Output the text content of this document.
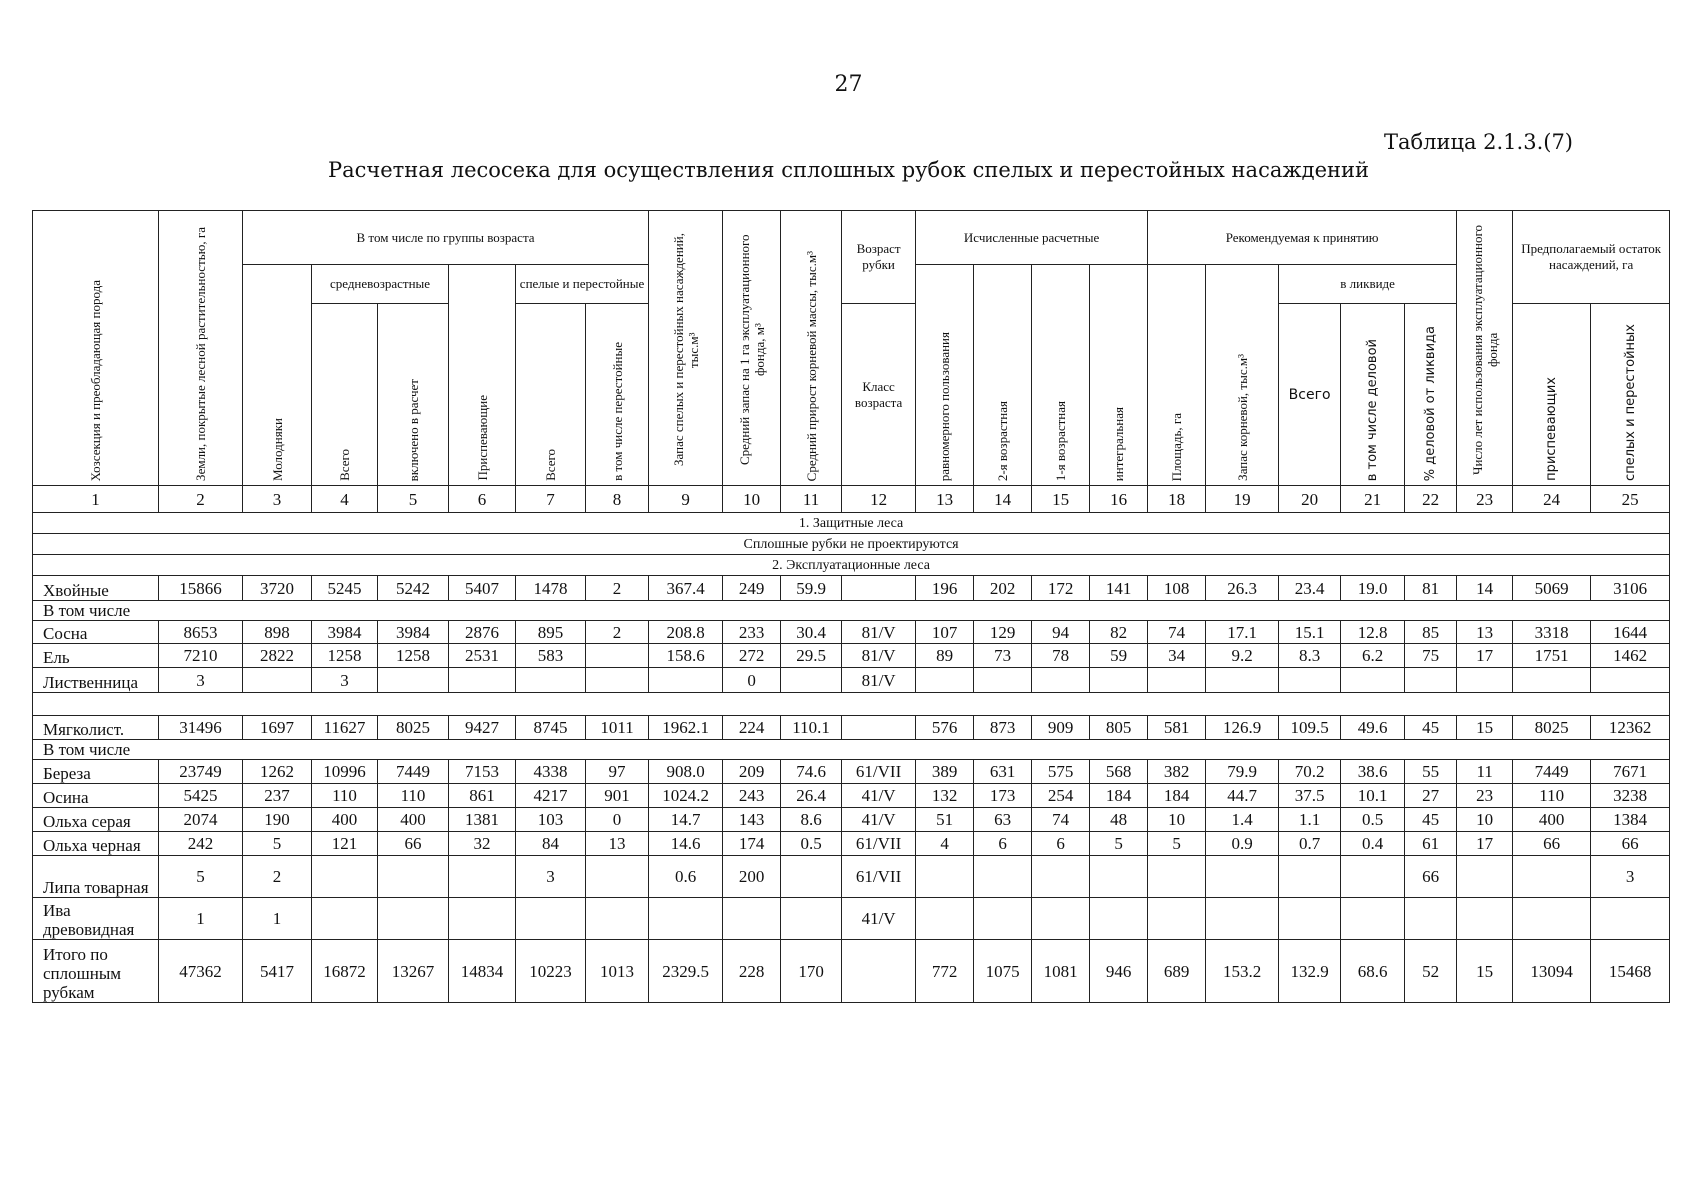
27
Таблица 2.1.3.(7)
Расчетная лесосека для осуществления сплошных рубок спелых и перестойных насаждений
Хозсекция и преобладающая порода	Земли, покрытые лесной растительностью, га	В том числе по группы возраста						Запас спелых и перестойных насаждений, тыс.м³	Средний запас на 1 га эксплуатационного фонда, м³	Средний прирост корневой массы, тыс.м³	Возраст рубки	Исчисленные расчетные				Рекомендуемая к принятию					Число лет использования эксплуатационного фонда	Предполагаемый остаток насаждений, га	
		Молодняки	средневозрастные		Приспевающие	спелые и перестойные						равномерного пользования	2-я возрастная	1-я возрастная	интегральная	Площадь, га	Запас корневой, тыс.м³	в ликвиде					
			Всего	включено в расчет		Всего	в том числе перестойные				Класс возраста							Всего	в том числе деловой	% деловой от ликвида		приспевающих	спелых и перестойных
1	2	3	4	5	6	7	8	9	10	11	12	13	14	15	16	18	19	20	21	22	23	24	25
1. Защитные леса																							
Сплошные рубки не проектируются																							
2. Эксплуатационные леса																							
Хвойные	15866	3720	5245	5242	5407	1478	2	367.4	249	59.9		196	202	172	141	108	26.3	23.4	19.0	81	14	5069	3106
В том числе																							
Сосна	8653	898	3984	3984	2876	895	2	208.8	233	30.4	81/V	107	129	94	82	74	17.1	15.1	12.8	85	13	3318	1644
Ель	7210	2822	1258	1258	2531	583		158.6	272	29.5	81/V	89	73	78	59	34	9.2	8.3	6.2	75	17	1751	1462
Лиственница	3		3						0		81/V												

Мягколист.	31496	1697	11627	8025	9427	8745	1011	1962.1	224	110.1		576	873	909	805	581	126.9	109.5	49.6	45	15	8025	12362
В том числе																							
Береза	23749	1262	10996	7449	7153	4338	97	908.0	209	74.6	61/VII	389	631	575	568	382	79.9	70.2	38.6	55	11	7449	7671
Осина	5425	237	110	110	861	4217	901	1024.2	243	26.4	41/V	132	173	254	184	184	44.7	37.5	10.1	27	23	110	3238
Ольха серая	2074	190	400	400	1381	103	0	14.7	143	8.6	41/V	51	63	74	48	10	1.4	1.1	0.5	45	10	400	1384
Ольха черная	242	5	121	66	32	84	13	14.6	174	0.5	61/VII	4	6	6	5	5	0.9	0.7	0.4	61	17	66	66
Липа товарная	5	2				3		0.6	200		61/VII									66			3
Ива древовидная	1	1									41/V												
Итого по сплошным рубкам	47362	5417	16872	13267	14834	10223	1013	2329.5	228	170		772	1075	1081	946	689	153.2	132.9	68.6	52	15	13094	15468
